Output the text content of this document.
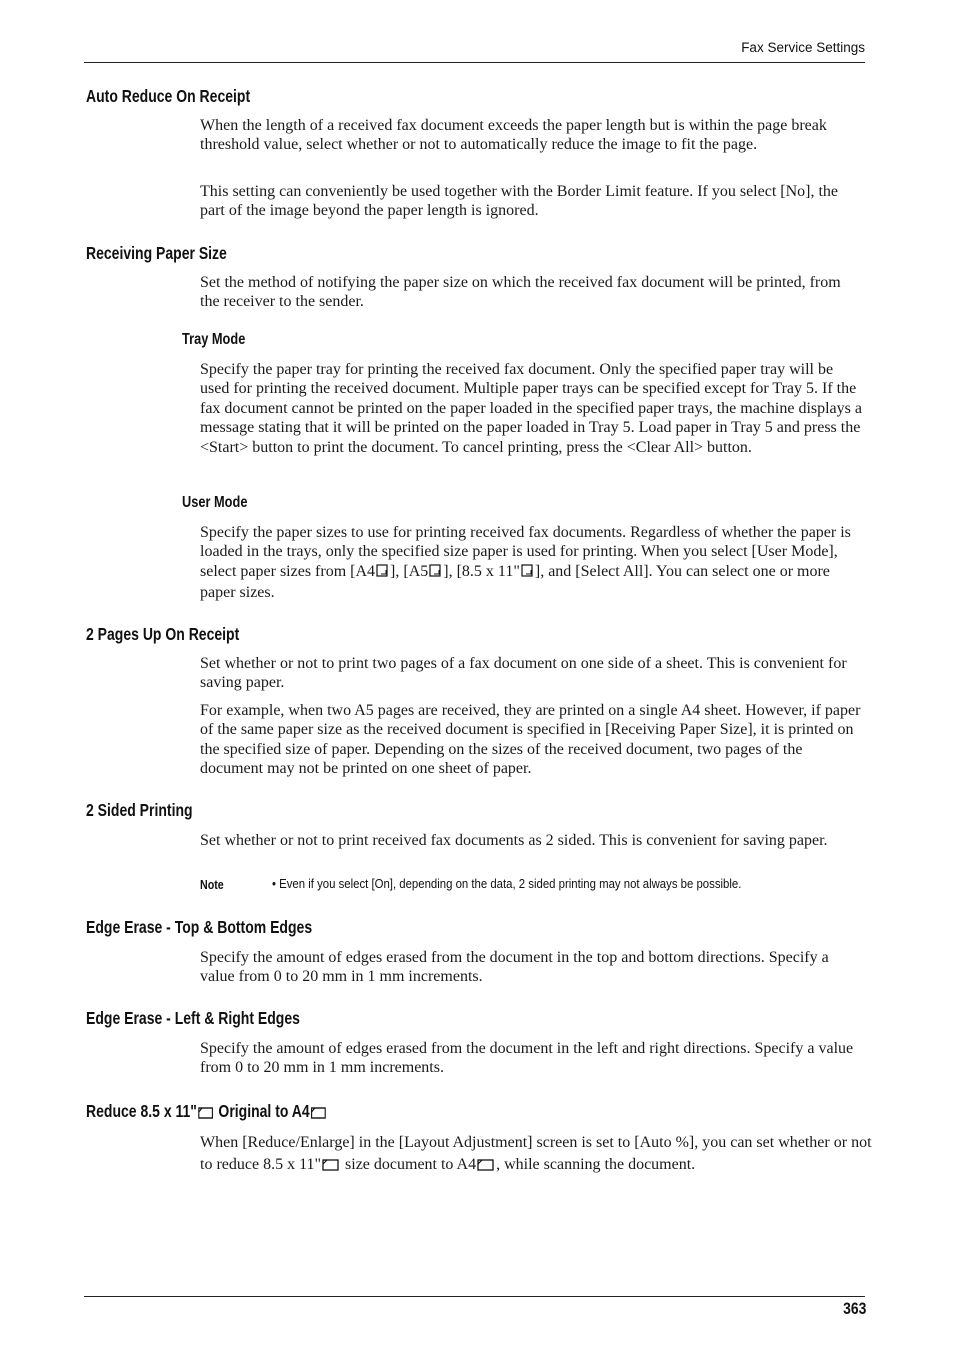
Fax Service Settings
Auto Reduce On Receipt
When the length of a received fax document exceeds the paper length but is within the page break threshold value, select whether or not to automatically reduce the image to fit the page.
This setting can conveniently be used together with the Border Limit feature. If you select [No], the part of the image beyond the paper length is ignored.
Receiving Paper Size
Set the method of notifying the paper size on which the received fax document will be printed, from the receiver to the sender.
Tray Mode
Specify the paper tray for printing the received fax document. Only the specified paper tray will be used for printing the received document. Multiple paper trays can be specified except for Tray 5. If the fax document cannot be printed on the paper loaded in the specified paper trays, the machine displays a message stating that it will be printed on the paper loaded in Tray 5. Load paper in Tray 5 and press the <Start> button to print the document. To cancel printing, press the <Clear All> button.
User Mode
Specify the paper sizes to use for printing received fax documents. Regardless of whether the paper is loaded in the trays, only the specified size paper is used for printing. When you select [User Mode], select paper sizes from [A4 ], [A5 ], [8.5 x 11" ], and [Select All]. You can select one or more paper sizes.
2 Pages Up On Receipt
Set whether or not to print two pages of a fax document on one side of a sheet. This is convenient for saving paper.
For example, when two A5 pages are received, they are printed on a single A4 sheet. However, if paper of the same paper size as the received document is specified in [Receiving Paper Size], it is printed on the specified size of paper. Depending on the sizes of the received document, two pages of the document may not be printed on one sheet of paper.
2 Sided Printing
Set whether or not to print received fax documents as 2 sided. This is convenient for saving paper.
Note	• Even if you select [On], depending on the data, 2 sided printing may not always be possible.
Edge Erase - Top & Bottom Edges
Specify the amount of edges erased from the document in the top and bottom directions. Specify a value from 0 to 20 mm in 1 mm increments.
Edge Erase - Left & Right Edges
Specify the amount of edges erased from the document in the left and right directions. Specify a value from 0 to 20 mm in 1 mm increments.
Reduce 8.5 x 11" Original to A4
When [Reduce/Enlarge] in the [Layout Adjustment] screen is set to [Auto %], you can set whether or not to reduce 8.5 x 11" size document to A4 , while scanning the document.
363
